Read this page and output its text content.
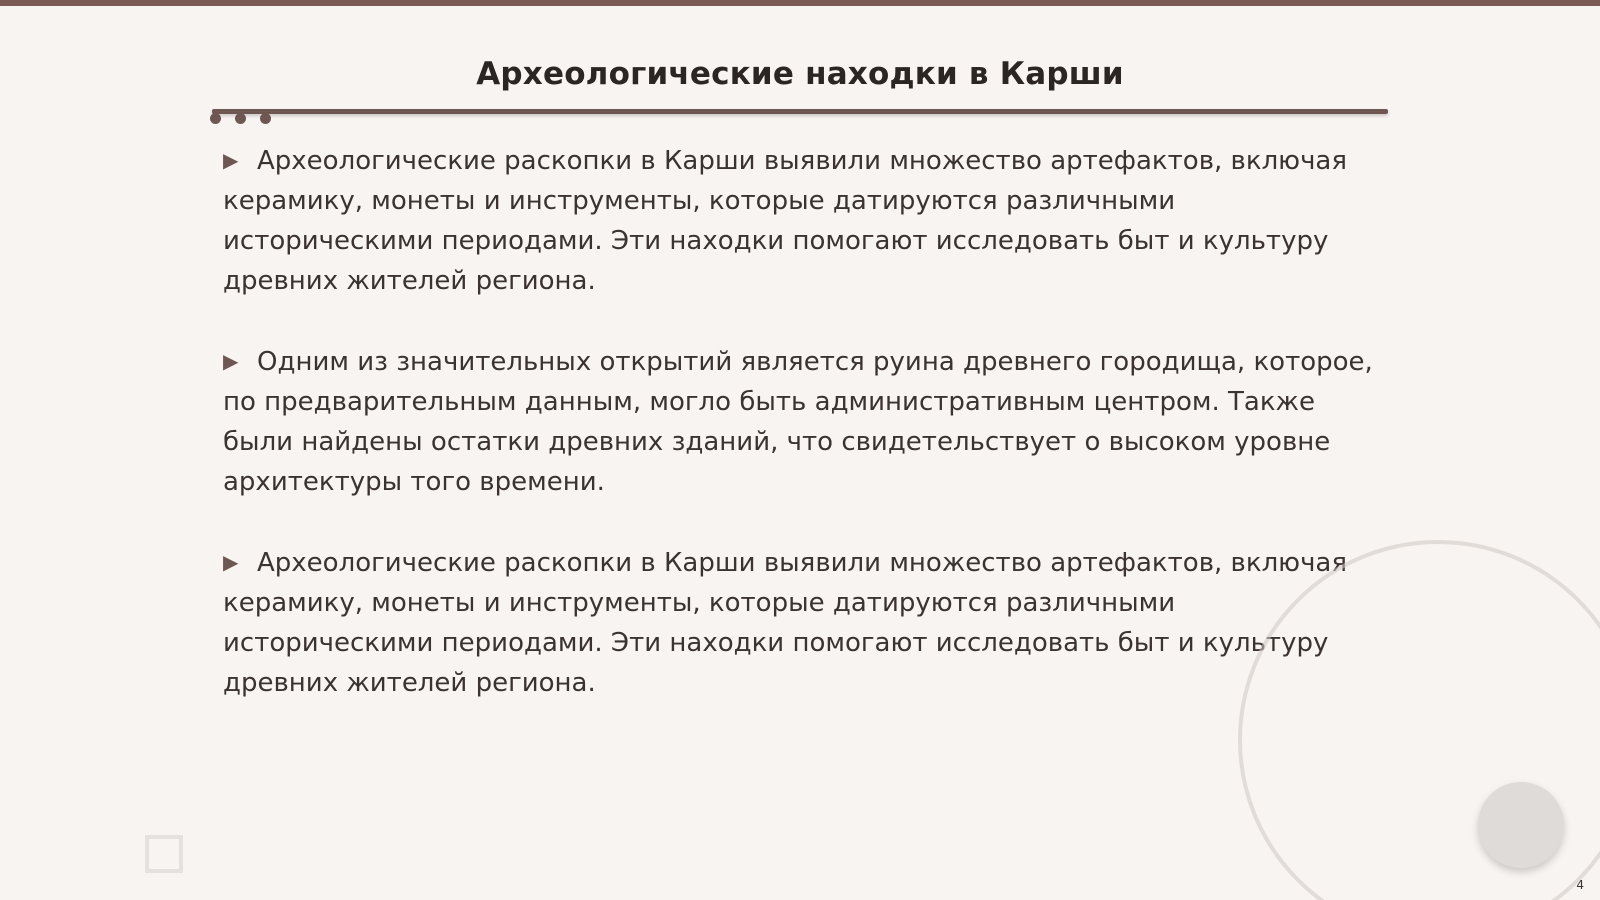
Археологические находки в Карши

▶ Археологические раскопки в Карши выявили множество артефактов, включая керамику, монеты и инструменты, которые датируются различными историческими периодами. Эти находки помогают исследовать быт и культуру древних жителей региона.

▶ Одним из значительных открытий является руина древнего городища, которое, по предварительным данным, могло быть административным центром. Также были найдены остатки древних зданий, что свидетельствует о высоком уровне архитектуры того времени.

▶ Археологические раскопки в Карши выявили множество артефактов, включая керамику, монеты и инструменты, которые датируются различными историческими периодами. Эти находки помогают исследовать быт и культуру древних жителей региона.

4
